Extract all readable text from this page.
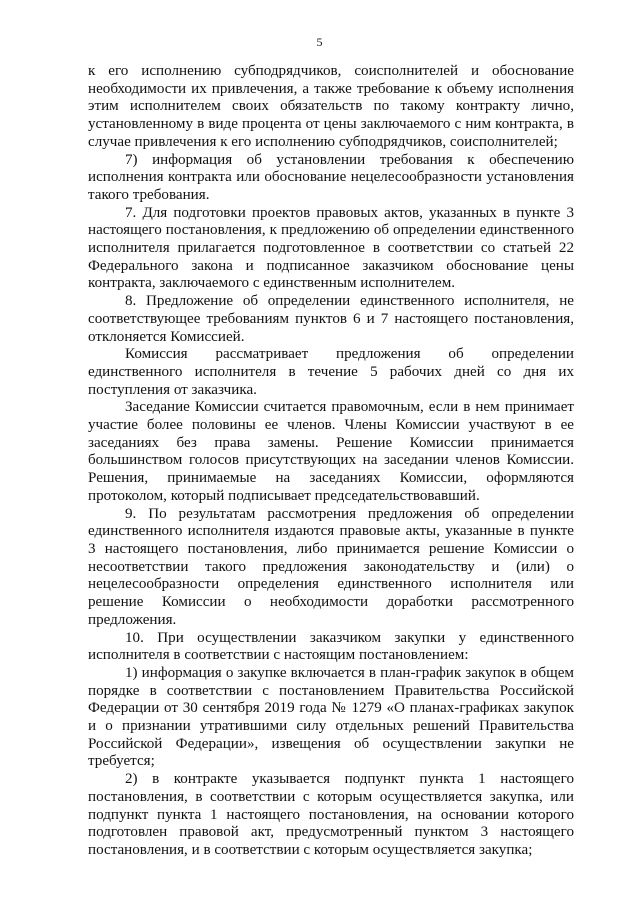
5

к его исполнению субподрядчиков, соисполнителей и обоснование необходимости их привлечения, а также требование к объему исполнения этим исполнителем своих обязательств по такому контракту лично, установленному в виде процента от цены заключаемого с ним контракта, в случае привлечения к его исполнению субподрядчиков, соисполнителей;

7) информация об установлении требования к обеспечению исполнения контракта или обоснование нецелесообразности установления такого требования.

7. Для подготовки проектов правовых актов, указанных в пункте 3 настоящего постановления, к предложению об определении единственного исполнителя прилагается подготовленное в соответствии со статьей 22 Федерального закона и подписанное заказчиком обоснование цены контракта, заключаемого с единственным исполнителем.

8. Предложение об определении единственного исполнителя, не соответствующее требованиям пунктов 6 и 7 настоящего постановления, отклоняется Комиссией.

Комиссия рассматривает предложения об определении единственного исполнителя в течение 5 рабочих дней со дня их поступления от заказчика.

Заседание Комиссии считается правомочным, если в нем принимает участие более половины ее членов. Члены Комиссии участвуют в ее заседаниях без права замены. Решение Комиссии принимается большинством голосов присутствующих на заседании членов Комиссии. Решения, принимаемые на заседаниях Комиссии, оформляются протоколом, который подписывает председательствовавший.

9. По результатам рассмотрения предложения об определении единственного исполнителя издаются правовые акты, указанные в пункте 3 настоящего постановления, либо принимается решение Комиссии о несоответствии такого предложения законодательству и (или) о нецелесообразности определения единственного исполнителя или решение Комиссии о необходимости доработки рассмотренного предложения.

10. При осуществлении заказчиком закупки у единственного исполнителя в соответствии с настоящим постановлением:

1) информация о закупке включается в план-график закупок в общем порядке в соответствии с постановлением Правительства Российской Федерации от 30 сентября 2019 года № 1279 «О планах-графиках закупок и о признании утратившими силу отдельных решений Правительства Российской Федерации», извещения об осуществлении закупки не требуется;

2) в контракте указывается подпункт пункта 1 настоящего постановления, в соответствии с которым осуществляется закупка, или подпункт пункта 1 настоящего постановления, на основании которого подготовлен правовой акт, предусмотренный пунктом 3 настоящего постановления, и в соответствии с которым осуществляется закупка;
